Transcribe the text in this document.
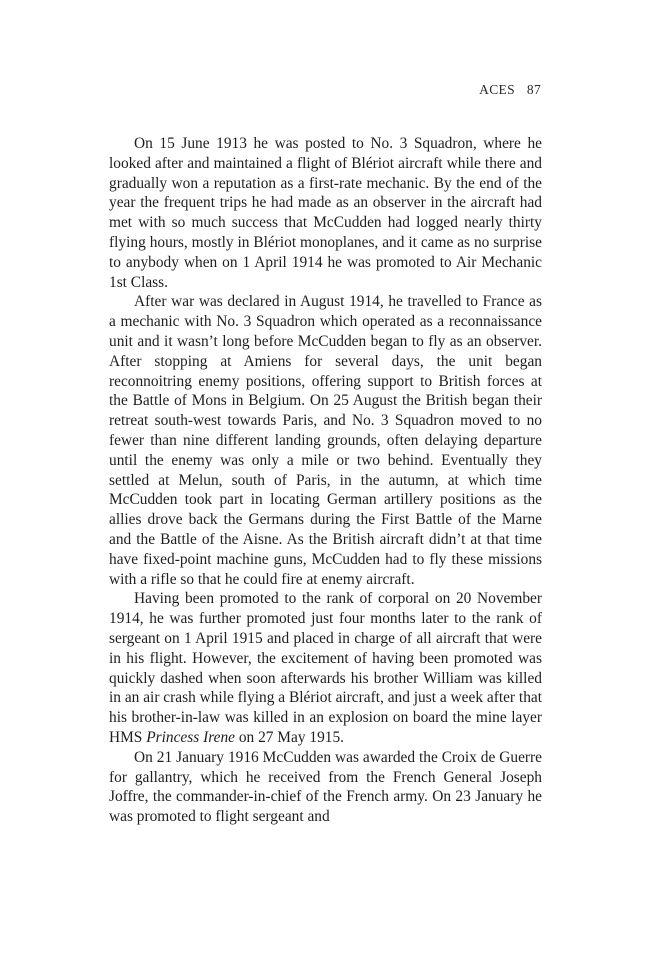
ACES 87

On 15 June 1913 he was posted to No. 3 Squadron, where he looked after and maintained a flight of Blériot aircraft while there and gradually won a reputation as a first-rate mechanic. By the end of the year the frequent trips he had made as an observer in the aircraft had met with so much success that McCudden had logged nearly thirty flying hours, mostly in Blériot monoplanes, and it came as no surprise to anybody when on 1 April 1914 he was promoted to Air Mechanic 1st Class.

After war was declared in August 1914, he travelled to France as a mechanic with No. 3 Squadron which operated as a reconnaissance unit and it wasn’t long before McCudden began to fly as an observer. After stopping at Amiens for several days, the unit began reconnoitring enemy positions, offering support to British forces at the Battle of Mons in Belgium. On 25 August the British began their retreat south-west towards Paris, and No. 3 Squadron moved to no fewer than nine different landing grounds, often delaying departure until the enemy was only a mile or two behind. Eventually they settled at Melun, south of Paris, in the autumn, at which time McCudden took part in locating German artillery positions as the allies drove back the Germans during the First Battle of the Marne and the Battle of the Aisne. As the British aircraft didn’t at that time have fixed-point machine guns, McCudden had to fly these missions with a rifle so that he could fire at enemy aircraft.

Having been promoted to the rank of corporal on 20 November 1914, he was further promoted just four months later to the rank of sergeant on 1 April 1915 and placed in charge of all aircraft that were in his flight. However, the excitement of having been promoted was quickly dashed when soon afterwards his brother William was killed in an air crash while flying a Blériot aircraft, and just a week after that his brother-in-law was killed in an explosion on board the mine layer HMS Princess Irene on 27 May 1915.

On 21 January 1916 McCudden was awarded the Croix de Guerre for gallantry, which he received from the French General Joseph Joffre, the commander-in-chief of the French army. On 23 January he was promoted to flight sergeant and
